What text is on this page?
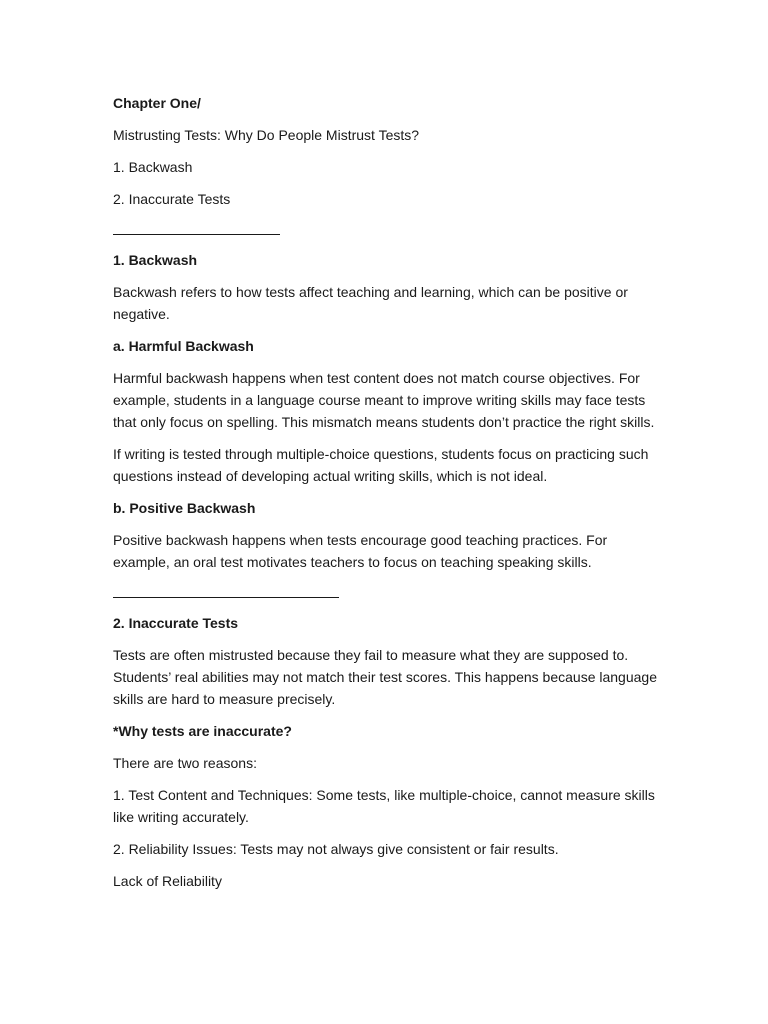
Chapter One/

Mistrusting Tests: Why Do People Mistrust Tests?

1. Backwash

2. Inaccurate Tests

1. Backwash

Backwash refers to how tests affect teaching and learning, which can be positive or negative.

a. Harmful Backwash

Harmful backwash happens when test content does not match course objectives. For example, students in a language course meant to improve writing skills may face tests that only focus on spelling. This mismatch means students don’t practice the right skills.

If writing is tested through multiple-choice questions, students focus on practicing such questions instead of developing actual writing skills, which is not ideal.

b. Positive Backwash

Positive backwash happens when tests encourage good teaching practices. For example, an oral test motivates teachers to focus on teaching speaking skills.

2. Inaccurate Tests

Tests are often mistrusted because they fail to measure what they are supposed to. Students’ real abilities may not match their test scores. This happens because language skills are hard to measure precisely.

*Why tests are inaccurate?

There are two reasons:

1. Test Content and Techniques: Some tests, like multiple-choice, cannot measure skills like writing accurately.

2. Reliability Issues: Tests may not always give consistent or fair results.

Lack of Reliability
